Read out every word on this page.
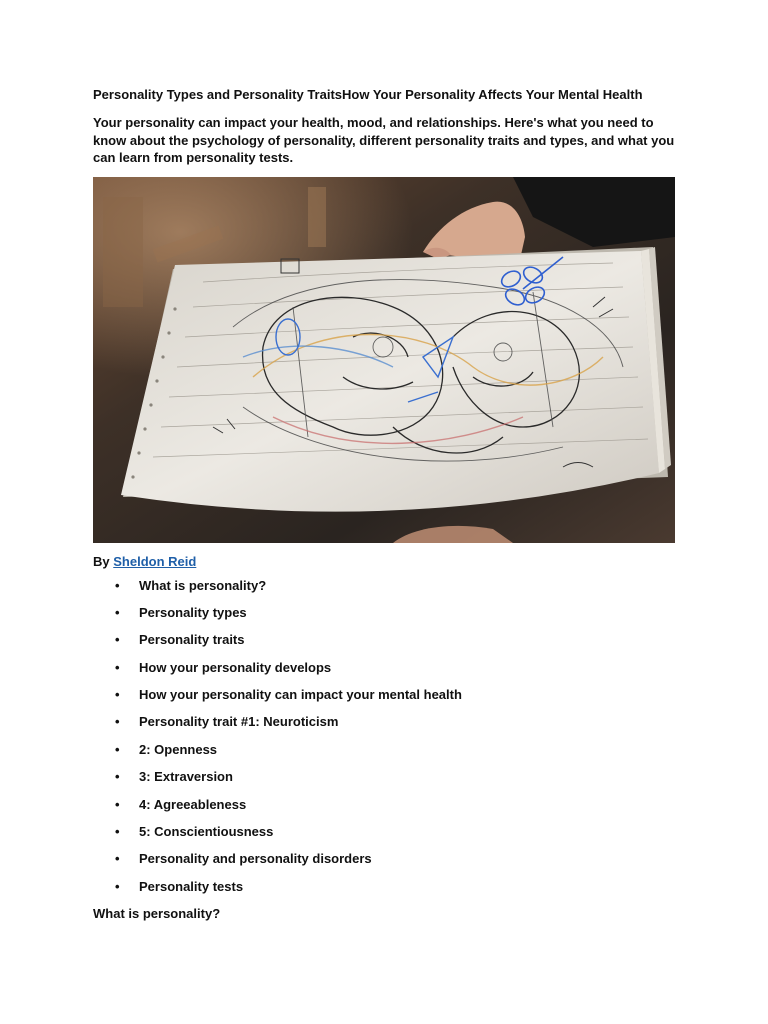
Personality Types and Personality TraitsHow Your Personality Affects Your Mental Health
Your personality can impact your health, mood, and relationships. Here's what you need to know about the psychology of personality, different personality traits and types, and what you can learn from personality tests.
By Sheldon Reid
• What is personality?
• Personality types
• Personality traits
• How your personality develops
• How your personality can impact your mental health
• Personality trait #1: Neuroticism
• 2: Openness
• 3: Extraversion
• 4: Agreeableness
• 5: Conscientiousness
• Personality and personality disorders
• Personality tests
What is personality?
